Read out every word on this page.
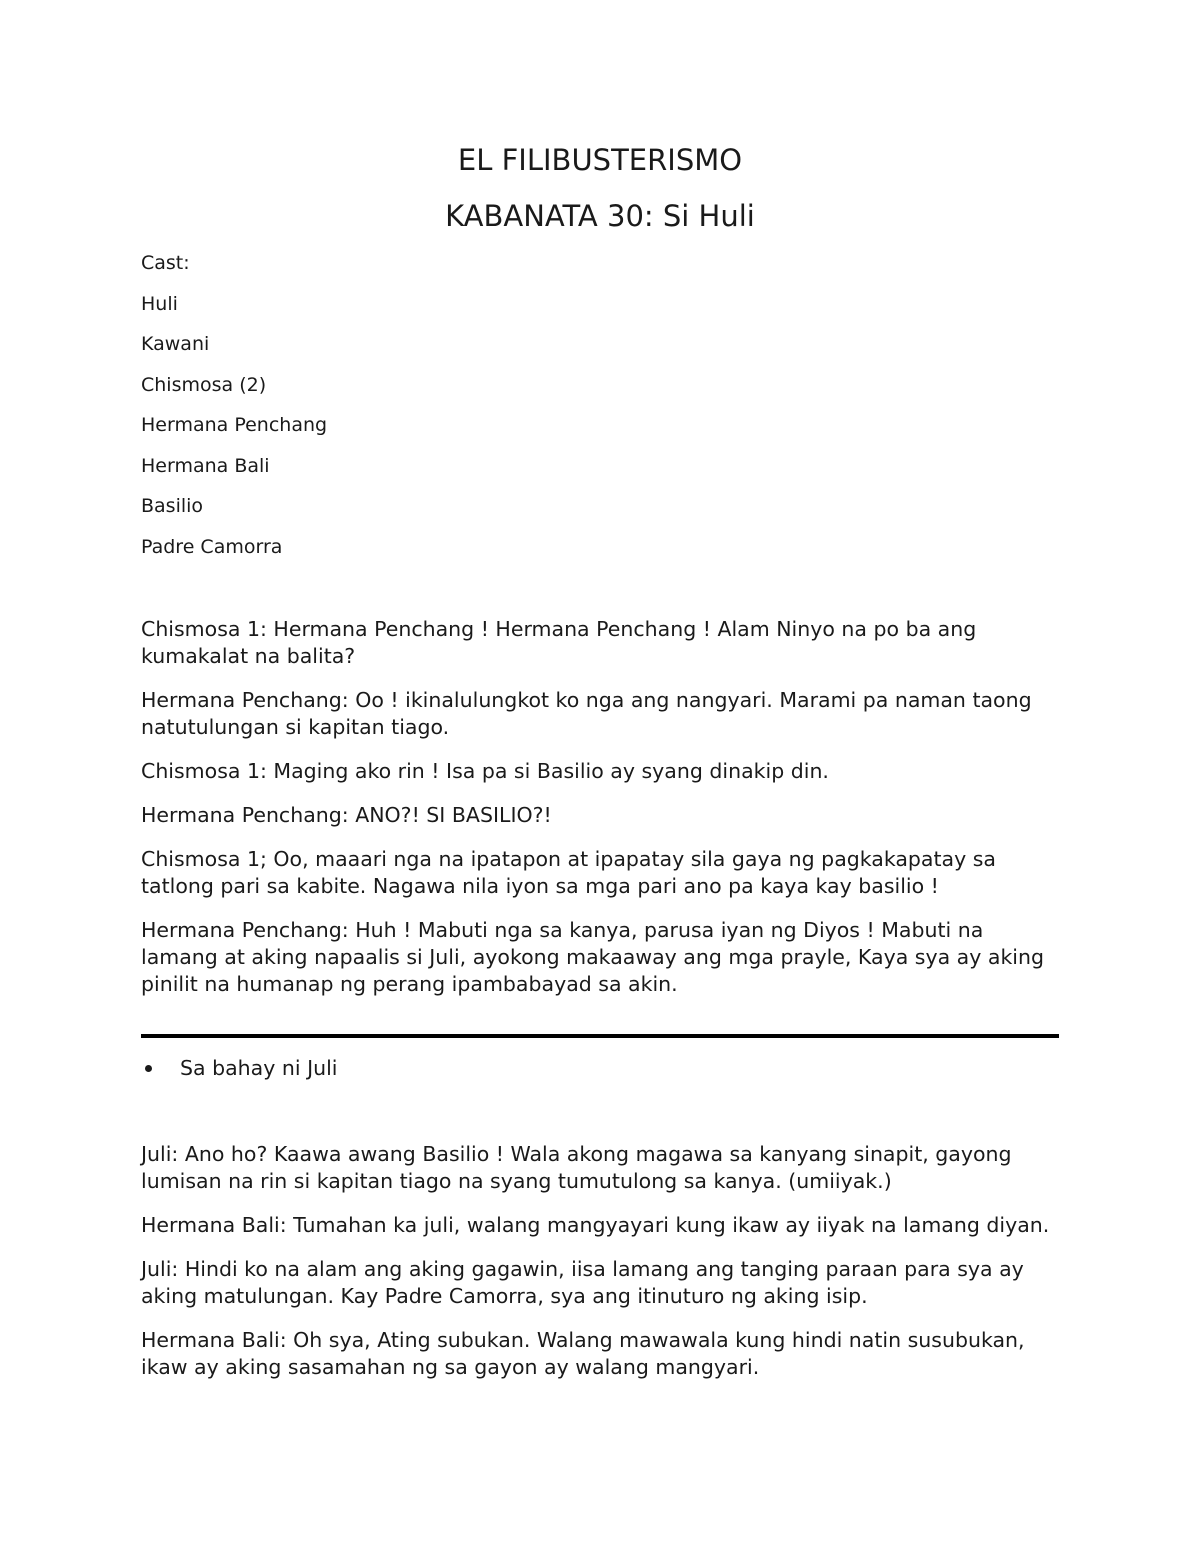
EL FILIBUSTERISMO
KABANATA 30: Si Huli
Cast:
Huli
Kawani
Chismosa (2)
Hermana Penchang
Hermana Bali
Basilio
Padre Camorra

Chismosa 1: Hermana Penchang ! Hermana Penchang ! Alam Ninyo na po ba ang kumakalat na balita?

Hermana Penchang: Oo ! ikinalulungkot ko nga ang nangyari. Marami pa naman taong natutulungan si kapitan tiago.

Chismosa 1: Maging ako rin ! Isa pa si Basilio ay syang dinakip din.

Hermana Penchang: ANO?! SI BASILIO?!

Chismosa 1; Oo, maaari nga na ipatapon at ipapatay sila gaya ng pagkakapatay sa tatlong pari sa kabite. Nagawa nila iyon sa mga pari ano pa kaya kay basilio !

Hermana Penchang: Huh ! Mabuti nga sa kanya, parusa iyan ng Diyos ! Mabuti na lamang at aking napaalis si Juli, ayokong makaaway ang mga prayle, Kaya sya ay aking pinilit na humanap ng perang ipambabayad sa akin.

Sa bahay ni Juli

Juli: Ano ho? Kaawa awang Basilio ! Wala akong magawa sa kanyang sinapit, gayong lumisan na rin si kapitan tiago na syang tumutulong sa kanya. (umiiyak.)

Hermana Bali: Tumahan ka juli, walang mangyayari kung ikaw ay iiyak na lamang diyan.

Juli: Hindi ko na alam ang aking gagawin, iisa lamang ang tanging paraan para sya ay aking matulungan. Kay Padre Camorra, sya ang itinuturo ng aking isip.

Hermana Bali: Oh sya, Ating subukan. Walang mawawala kung hindi natin susubukan, ikaw ay aking sasamahan ng sa gayon ay walang mangyari.
